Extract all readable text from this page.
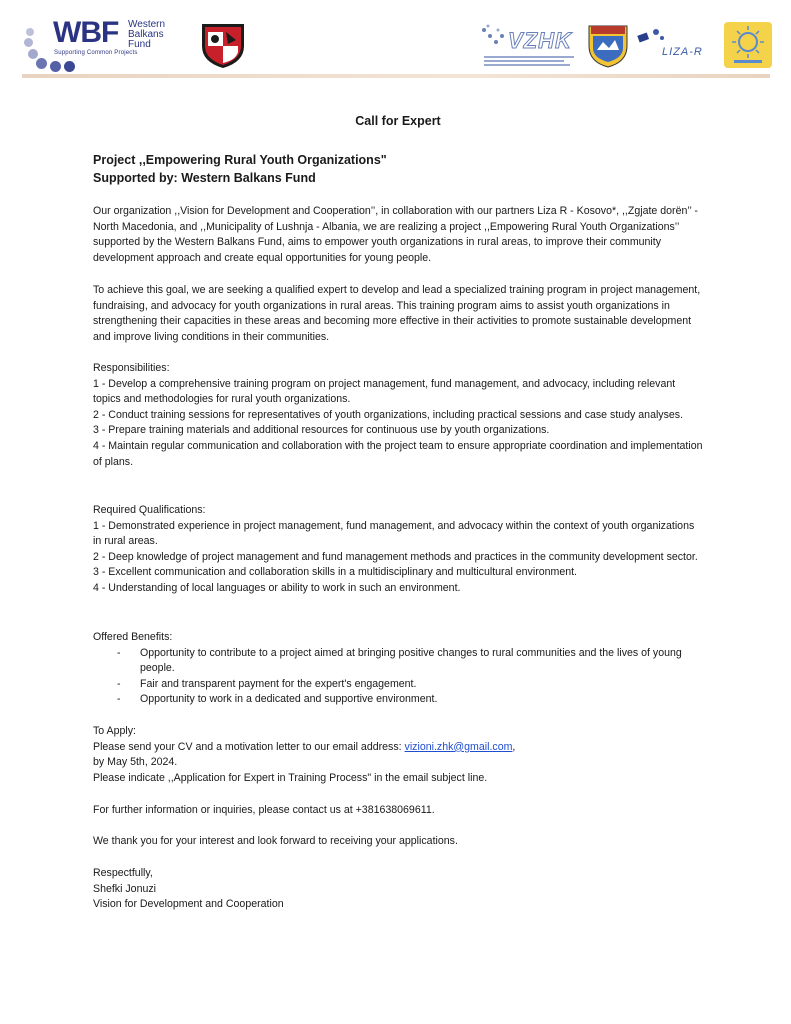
WBF Western
Balkans
Fund
Supporting Common Projects	VZHK	LIZA-R

Call for Expert

Project ,,Empowering Rural Youth Organizations"

Supported by: Western Balkans Fund

Our organization ,,Vision for Development and Cooperation’’, in collaboration with our partners Liza R - Kosovo*, ,,Zgjate dorën’’ - North Macedonia, and ,,Municipality of Lushnja - Albania, we are realizing a project ,,Empowering Rural Youth Organizations’’ supported by the Western Balkans Fund, aims to empower youth organizations in rural areas, to improve their community development approach and create equal opportunities for young people.

To achieve this goal, we are seeking a qualified expert to develop and lead a specialized training program in project management, fundraising, and advocacy for youth organizations in rural areas. This training program aims to assist youth organizations in strengthening their capacities in these areas and becoming more effective in their activities to promote sustainable development and improve living conditions in their communities.

Responsibilities:

1 - Develop a comprehensive training program on project management, fund management, and advocacy, including relevant topics and methodologies for rural youth organizations.

2 - Conduct training sessions for representatives of youth organizations, including practical sessions and case study analyses.

3 - Prepare training materials and additional resources for continuous use by youth organizations.

4 - Maintain regular communication and collaboration with the project team to ensure appropriate coordination and implementation of plans.

Required Qualifications:

1 - Demonstrated experience in project management, fund management, and advocacy within the context of youth organizations in rural areas.

2 - Deep knowledge of project management and fund management methods and practices in the community development sector.

3 - Excellent communication and collaboration skills in a multidisciplinary and multicultural environment.

4 - Understanding of local languages or ability to work in such an environment.

Offered Benefits:

-	Opportunity to contribute to a project aimed at bringing positive changes to rural communities and the lives of young people.
-	Fair and transparent payment for the expert's engagement.
-	Opportunity to work in a dedicated and supportive environment.

To Apply:

Please send your CV and a motivation letter to our email address: vizioni.zhk@gmail.com,

by May 5th, 2024.

Please indicate ,,Application for Expert in Training Process" in the email subject line.

For further information or inquiries, please contact us at +381638069611.

We thank you for your interest and look forward to receiving your applications.

Respectfully,

Shefki Jonuzi

Vision for Development and Cooperation
